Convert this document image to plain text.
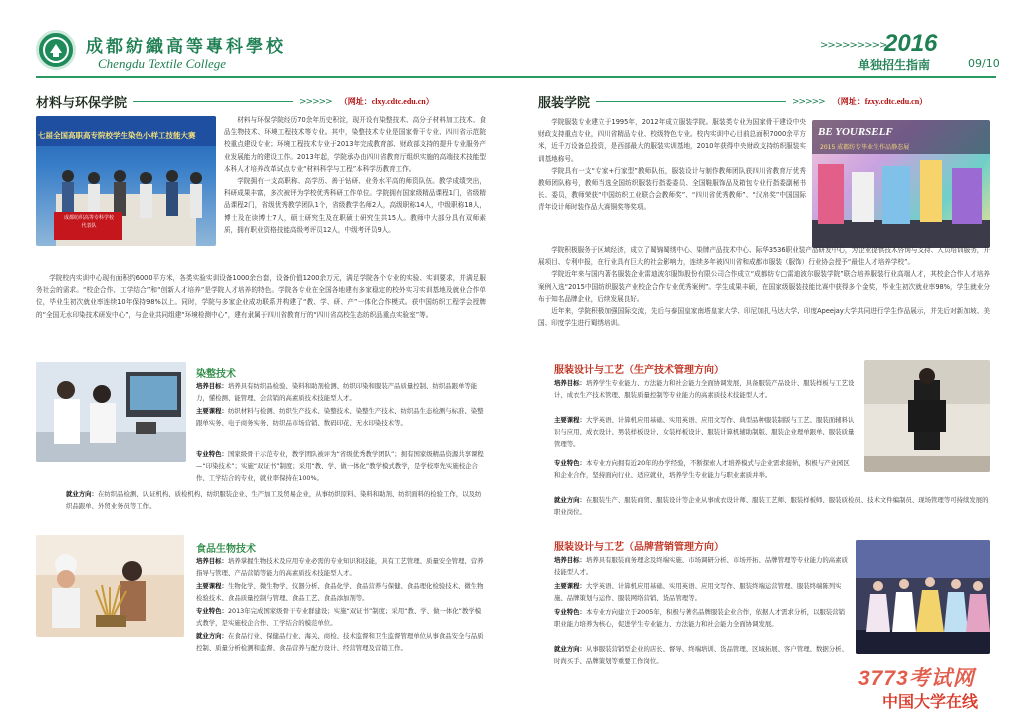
成都紡織高等專科學校
Chengdu Textile College
>>>>>>>>>
2016
单独招生指南	09/10
材料与环保学院	>>>>> （网址：clxy.cdtc.edu.cn）
七届全国高职高专院校学生染色小样工技能大赛
成都纺织高等专科学校
代表队

材料与环保学院经历70余年历史积淀，现开设有染整技术、高分子材料加工技术、食品生物技术、环境工程技术等专业。其中，染整技术专业是国家骨干专业、四川省示范院校重点建设专业；环境工程技术专业于2013年完成教育部、财政部支持的提升专业服务产业发展能力的建设工作。2013年起，学院承办由四川省教育厅组织实施的高端技术技能型本科人才培养改革试点专业“材料科学与工程”本科学历教育工作。

学院拥有一支高职称、高学历、善于钻研、业务水平高的师资队伍。教学成绩突出，科研成果丰富，多次被评为学校优秀科研工作单位。学院拥有国家级精品课程1门，省级精品课程2门，省级优秀教学团队1个，省级教学名师2人，高级职称14人，中级职称18人，博士及在读博士7人，硕士研究生及在职硕士研究生共15人。教师中大部分具有双师素质，拥有职业资格技能高级考评员12人，中级考评员9人。

学院校内实训中心现有面积约6000平方米，各类实验实训设备1000余台套，设备价值1200余万元，满足学院各个专业的实验、实训要求，并满足服务社会的需求。“校企合作、工学结合”和“创新人才培养”是学院人才培养的特色。学院各专业在全国各地建有多家稳定的校外实习实训基地及就业合作单位，毕业生初次就业率连续10年保持98%以上。同时，学院与多家企业成功联系并构建了“教、学、研、产”一体化合作模式。获中国纺织工程学会授牌的“全国无水印染技术研发中心”，与企业共同组建“环境检测中心”，建有隶属于四川省教育厅的“四川省高校生态纺织品重点实验室”等。

染整技术

培养目标：培养具有纺织品检验、染料和助剂检测、纺织印染和服装产品质量控制、纺织品跟单等能力，懂检测、能管理、会营销的高素质技术技能型人才。

主要课程：纺织材料与检测、纺织生产技术、染整技术、染整生产技术、纺织品生态检测与标准、染整跟单实务、电子商务实务、纺织品市场营销、数码印花、无水印染技术等。

专业特色：国家级骨干示范专业，教学团队被评为“省级优秀教学团队”；拥有国家级精品资源共享课程—“印染技术”；实施“双证书”制度；采用“教、学、做一体化”教学模式教学，是学校率先实施校企合作、工学结合的专业，就业率保持在100%。

就业方向：在纺织品检测、认证机构、质检机构、纺织服装企业、生产加工及贸易企业，从事纺织原料、染料和助剂、纺织面料的检验工作，以及纺织品跟单、外贸业务员等工作。

食品生物技术

培养目标：培养掌握生物技术及应用专业必需的专业知识和技能，具有工艺管理、质量安全管理、营养指导与管理、产品营销等能力的高素质技术技能型人才。

主要课程：生物化学、微生物学、仪器分析、食品化学、食品营养与保健、食品理化检验技术、微生物检验技术、食品质量控制与管理、食品工艺、食品添加剂等。

专业特色：2013年完成国家级骨干专业群建设；实施“双证书”制度；采用“教、学、做一体化”教学模式教学，是实施校企合作、工学结合的模范单位。

就业方向：在食品行业、保健品行业、海关、商检、技术监督和卫生监督管理单位从事食品安全与品质控制、质量分析检测和监督、食品营养与配方设计、经营管理及营销工作。

服装学院	>>>>> （网址：fzxy.cdtc.edu.cn）

学院服装专业建立于1995年，2012年成立服装学院。服装类专业为国家骨干建设中央财政支持重点专业，四川省精品专业、校级特色专业。校内实训中心目前总面积7000余平方米，近千万设备总投资，是西部最大的服装实训基地，2010年获得中央财政支持纺织服装实训基地称号。

学院具有一支“专家+行家型”教师队伍，服装设计与制作教师团队获四川省教育厅优秀教师团队称号，教师当选全国纺织服装行指委委员、全国鞋服饰品及箱包专业行指委副秘书长、委员，教师荣获“中国纺织工业联合会教师奖”、“四川省优秀教师”、“汉帛奖”中国国际青年设计师时装作品大赛铜奖等奖项。

BE YOURSELF
2015 成都纺专毕业生作品静态展

学院积极服务于区域经济，成立了蜀锦蜀绣中心、染牌产品技术中心、际华3536职业装产品研发中心，为企业提供技术咨询与支持、人员培训服务，开展项目、专利申报，在行业具有巨大的社会影响力，连续多年被四川省和成都市服装（服饰）行业协会授予“最佳人才培养学校”。

学院近年来与国内著名服装企业雷迪波尔服饰股份有限公司合作成立“成都纺专□雷迪波尔服装学院”联合培养服装行业高端人才，其校企合作人才培养案例入选“2015中国纺织服装产业校企合作专业优秀案例”。学生成果丰硕，在国家级服装技能比赛中获得多个金奖，毕业生初次就业率98%，学生就业分布于知名品牌企业，后续发展良好。

近年来，学院积极加强国际交流，先后与泰国皇家南塔皇家大学、印尼加扎马达大学、印度Apeejay大学共同进行学生作品展示，并先后对新加坡、美国、印度学生进行蜀绣培训。

服装设计与工艺（生产技术管理方向）

培养目标：培养学生专业能力、方法能力和社会能力全面协调发展，具备服装产品设计、服装样板与工艺设计、成衣生产技术管理、服装质量控制等专业能力的高素质技术技能型人才。

主要课程：大学英语、计算机应用基础、实用英语、应用文写作、典型品种服装制版与工艺、服装面辅料认识与应用、成衣设计、男装样板设计、女装样板设计、服装计算机辅助制版、服装企业理单跟单、服装质量管理等。

专业特色：本专业方向拥有近20年的办学经验，不断探索人才培养模式与企业需求接轨，积极与产业园区和企业合作，坚持面向行业、适应就业，培养学生专业能力与职业素质并举。

就业方向：在服装生产、服装商贸、服装设计等企业从事成衣设计师、服装工艺师、服装样板师、服装质检员、技术文件编制员、现场管理等可持续发展的职业岗位。

服装设计与工艺（品牌营销管理方向）

培养目标：培养具有服装商务理念及终端实施、市场调研分析、市场开拓、品牌管理等专业能力的高素质技能型人才。

主要课程：大学英语、计算机应用基础、实用英语、应用文写作、服装终端运营管理、服装终端陈列实施、品牌策划与运作、服装网络营销、货品管理等。

专业特色：本专业方向建立于2005年，积极与著名品牌服装企业合作，依据人才需求分析，以服装营销职业能力培养为核心，促进学生专业能力、方法能力和社会能力全面协调发展。

就业方向：从事服装营销型企业的店长、督导、终端培训、货品管理、区域拓展、客户管理、数据分析、时尚买手、品牌策划等重要工作岗位。

3773考试网
中国大学在线
